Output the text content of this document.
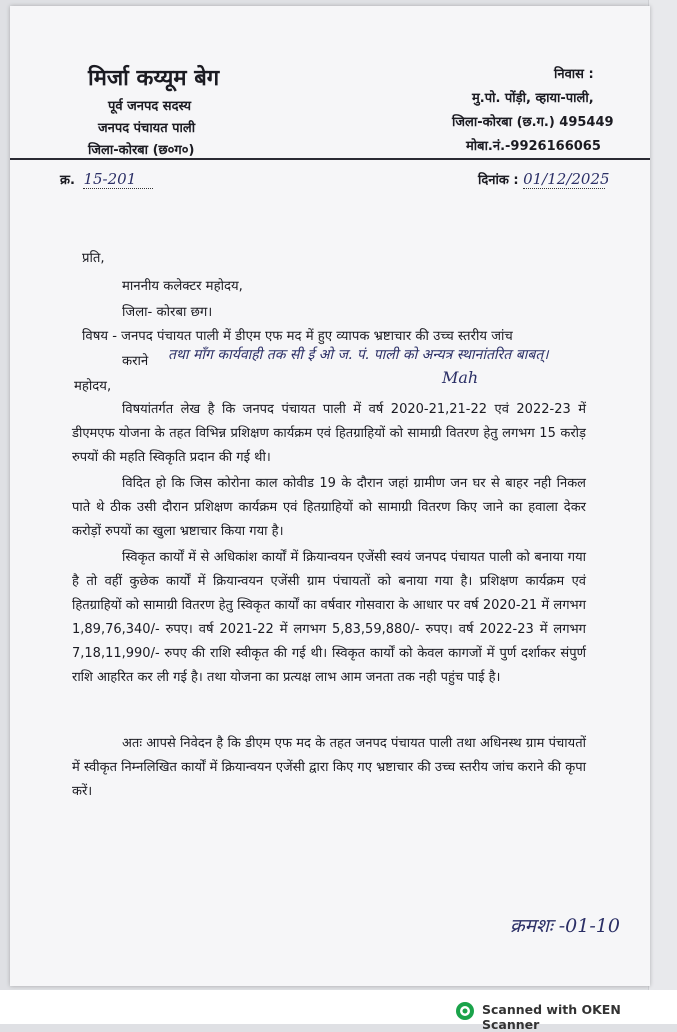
मिर्जा कय्यूम बेग
पूर्व जनपद सदस्य
जनपद पंचायत पाली
जिला-कोरबा (छ०ग०)
निवास :
मु.पो. पोंड़ी, व्हाया-पाली,
जिला-कोरबा (छ.ग.) 495449
मोबा.नं.-9926166065
क्र. 15-201	दिनांक : 01/12/2025
प्रति,
माननीय कलेक्टर महोदय,
जिला- कोरबा छग।
विषय - जनपद पंचायत पाली में डीएम एफ मद में हुए व्यापक भ्रष्टाचार की उच्च स्तरीय जांच
कराने तथा मॉंग कार्यवाही तक सी ई ओ ज. पं. पाली को अन्यत्र स्थानांतरित बाबत्।
Mah
महोदय,
विषयांतर्गत लेख है कि जनपद पंचायत पाली में वर्ष 2020-21,21-22 एवं 2022-23 में डीएमएफ योजना के तहत विभिन्न प्रशिक्षण कार्यक्रम एवं हितग्राहियों को सामाग्री वितरण हेतु लगभग 15 करोड़ रुपयों की महति स्विकृति प्रदान की गई थी।
विदित हो कि जिस कोरोना काल कोवीड 19 के दौरान जहां ग्रामीण जन घर से बाहर नही निकल पाते थे ठीक उसी दौरान प्रशिक्षण कार्यक्रम एवं हितग्राहियों को सामाग्री वितरण किए जाने का हवाला देकर करोड़ों रुपयों का खुला भ्रष्टाचार किया गया है।
स्विकृत कार्यों में से अधिकांश कार्यों में क्रियान्वयन एजेंसी स्वयं जनपद पंचायत पाली को बनाया गया है तो वहीं कुछेक कार्यों में क्रियान्वयन एजेंसी ग्राम पंचायतों को बनाया गया है। प्रशिक्षण कार्यक्रम एवं हितग्राहियों को सामाग्री वितरण हेतु स्विकृत कार्यों का वर्षवार गोसवारा के आधार पर वर्ष 2020-21 में लगभग 1,89,76,340/- रुपए। वर्ष 2021-22 में लगभग 5,83,59,880/- रुपए। वर्ष 2022-23 में लगभग 7,18,11,990/- रुपए की राशि स्वीकृत की गई थी। स्विकृत कार्यों को केवल कागजों में पुर्ण दर्शाकर संपुर्ण राशि आहरित कर ली गई है। तथा योजना का प्रत्यक्ष लाभ आम जनता तक नही पहुंच पाई है।
अतः आपसे निवेदन है कि डीएम एफ मद के तहत जनपद पंचायत पाली तथा अधिनस्थ ग्राम पंचायतों में स्वीकृत निम्नलिखित कार्यों में क्रियान्वयन एजेंसी द्वारा किए गए भ्रष्टाचार की उच्च स्तरीय जांच कराने की कृपा करें।
क्रमशः -01-10
Scanned with OKEN Scanner
